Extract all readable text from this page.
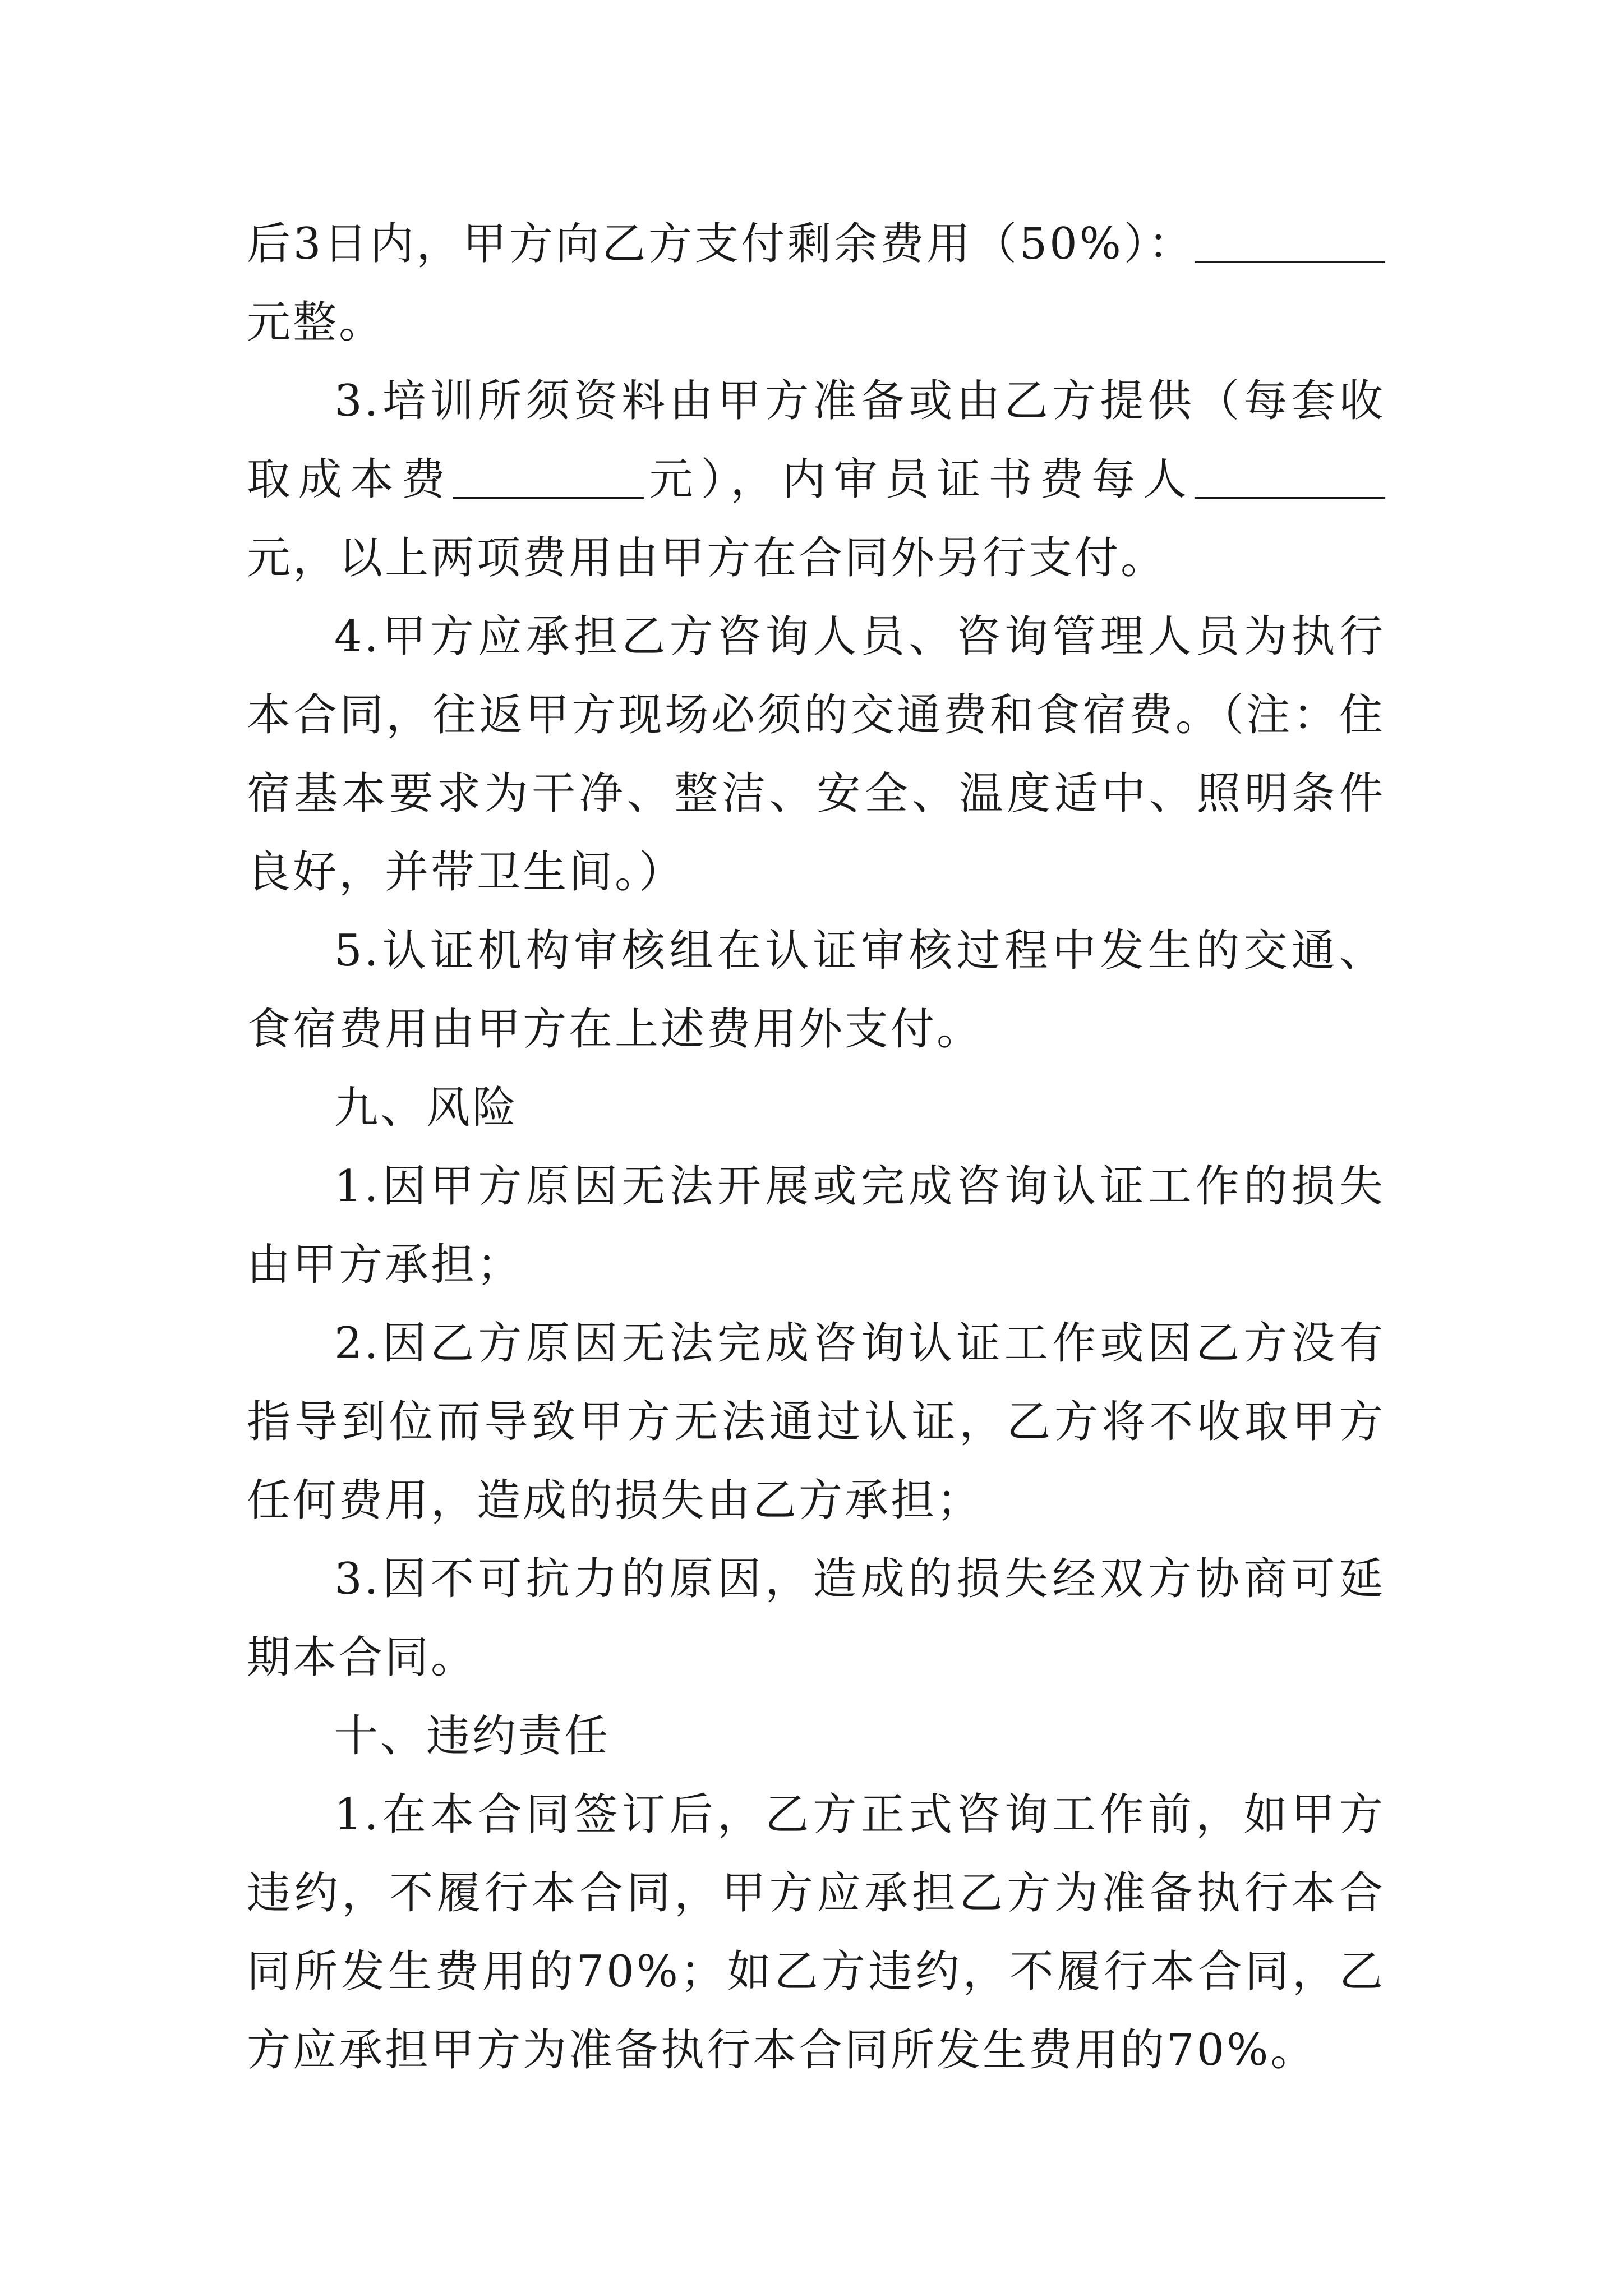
后3日内，甲方向乙方支付剩余费用（50%）：元整。

3.培训所须资料由甲方准备或由乙方提供（每套收取成本费	元），内审员证书费每人元，以上两项费用由甲方在合同外另行支付。

4.甲方应承担乙方咨询人员、咨询管理人员为执行本合同，往返甲方现场必须的交通费和食宿费。（注：住宿基本要求为干净、整洁、安全、温度适中、照明条件良好，并带卫生间。）

5.认证机构审核组在认证审核过程中发生的交通、食宿费用由甲方在上述费用外支付。

九、风险

1.因甲方原因无法开展或完成咨询认证工作的损失由甲方承担；

2.因乙方原因无法完成咨询认证工作或因乙方没有指导到位而导致甲方无法通过认证，乙方将不收取甲方任何费用，造成的损失由乙方承担；

3.因不可抗力的原因，造成的损失经双方协商可延期本合同。

十、违约责任

1.在本合同签订后，乙方正式咨询工作前，如甲方违约，不履行本合同，甲方应承担乙方为准备执行本合同所发生费用的70%；如乙方违约，不履行本合同，乙方应承担甲方为准备执行本合同所发生费用的70%。
